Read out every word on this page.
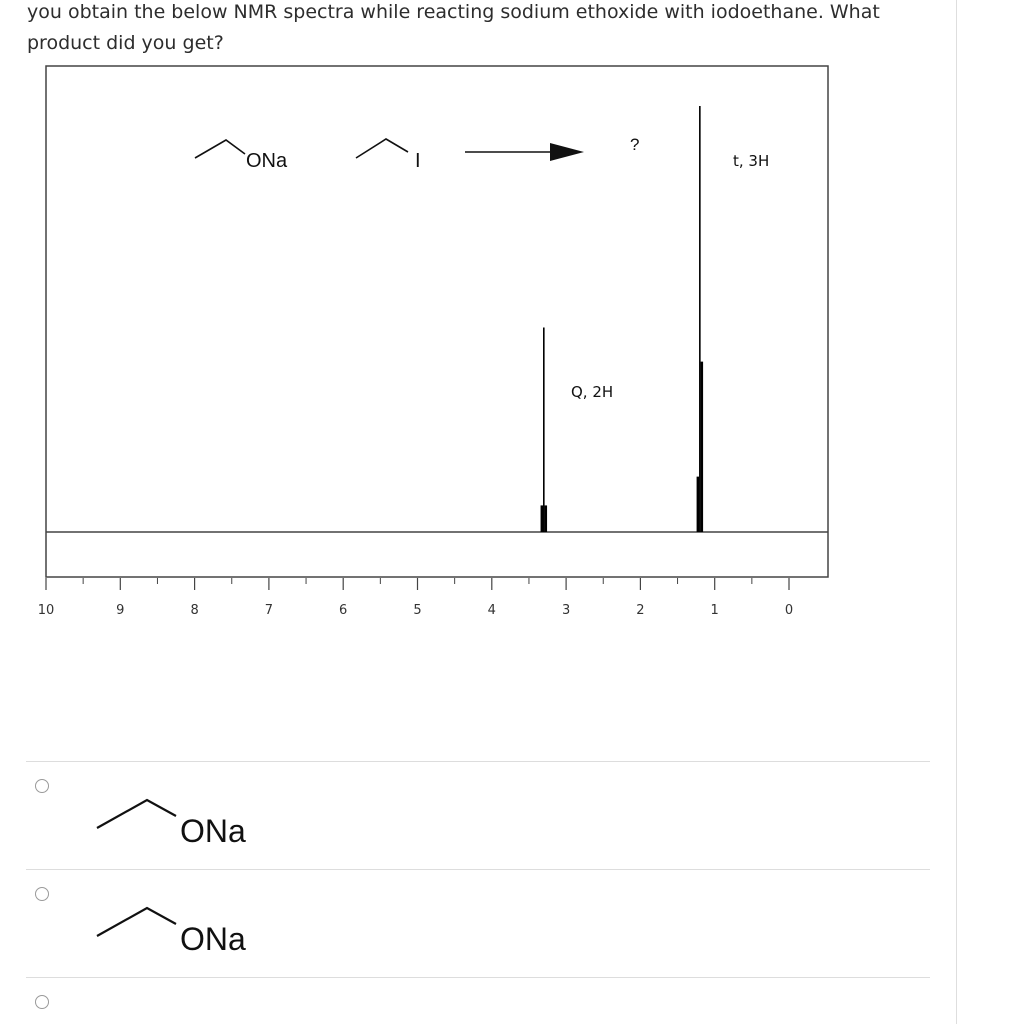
you obtain the below NMR spectra while reacting sodium ethoxide with iodoethane. What product did you get?
ONa	I
?
Q, 2H
t, 3H
10	9	8	7	6	5	4	3	2	1	0
ONa
ONa
